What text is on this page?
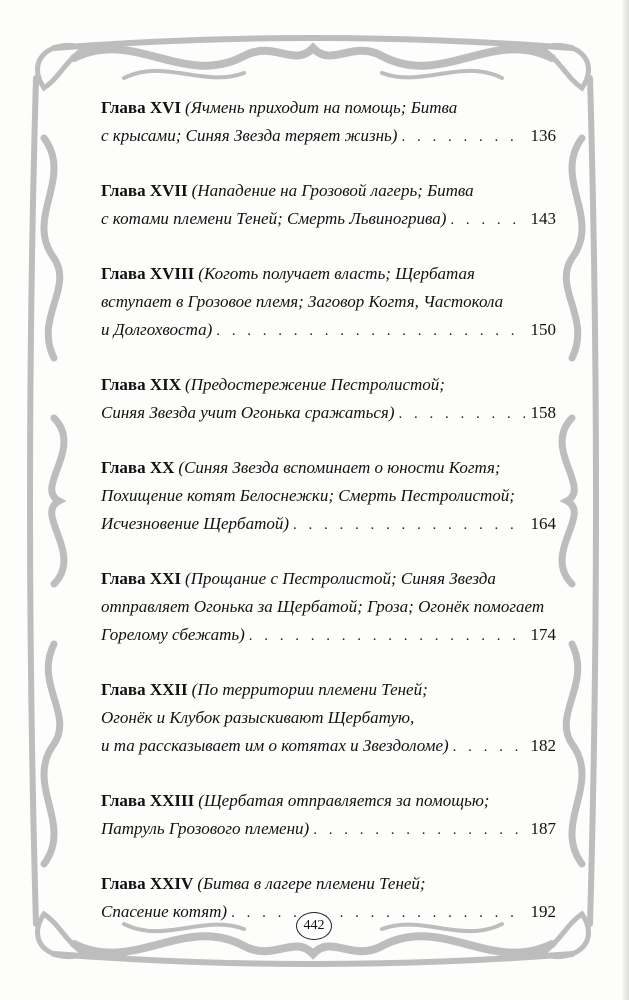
Глава XVI (Ячмень приходит на помощь; Битва
с крысами; Синяя Звезда теряет жизнь) . . .	136
Глава XVII (Нападение на Грозовой лагерь; Битва
с котами племени Теней; Смерть Львиногрива) . . .	143
Глава XVIII (Коготь получает власть; Щербатая
вступает в Грозовое племя; Заговор Когтя, Частокола
и Долгохвоста) . . .	150
Глава XIX (Предостережение Пестролистой;
Синяя Звезда учит Огонька сражаться) . . .	158
Глава XX (Синяя Звезда вспоминает о юности Когтя;
Похищение котят Белоснежки; Смерть Пестролистой;
Исчезновение Щербатой) . . .	164
Глава XXI (Прощание с Пестролистой; Синяя Звезда
отправляет Огонька за Щербатой; Гроза; Огонёк помогает
Горелому сбежать) . . .	174
Глава XXII (По территории племени Теней;
Огонёк и Клубок разыскивают Щербатую,
и та рассказывает им о котятах и Звездоломе) . . .	182
Глава XXIII (Щербатая отправляется за помощью;
Патруль Грозового племени) . . .	187
Глава XXIV (Битва в лагере племени Теней;
Спасение котят) . . .	192
442
